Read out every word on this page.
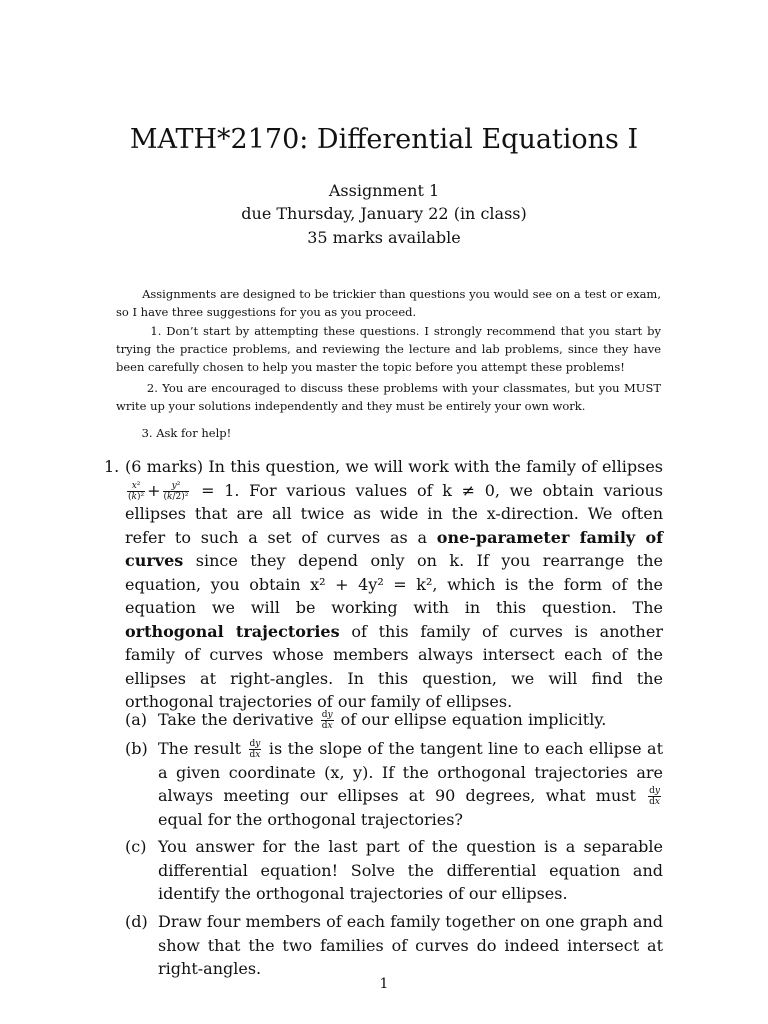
MATH*2170: Differential Equations I
Assignment 1
due Thursday, January 22 (in class)
35 marks available
Assignments are designed to be trickier than questions you would see on a test or exam, so I have three suggestions for you as you proceed.
1. Don’t start by attempting these questions. I strongly recommend that you start by trying the practice problems, and reviewing the lecture and lab problems, since they have been carefully chosen to help you master the topic before you attempt these problems!
2. You are encouraged to discuss these problems with your classmates, but you MUST write up your solutions independently and they must be entirely your own work.
3. Ask for help!
1. (6 marks) In this question, we will work with the family of ellipses
$\frac{\text{x²}}{\text{(k)²}} + \frac{\text{y²}}{\text{(k/2)²}} = 1$. For various values of k ≠ 0, we obtain various ellipses that are all twice as wide in the x-direction. We often refer to such a set of curves as a one-parameter family of curves since they depend only on k. If you rearrange the equation, you obtain x² + 4y² = k², which is the form of the equation we will be working with in this question. The orthogonal trajectories of this family of curves is another family of curves whose members always intersect each of the ellipses at right-angles. In this question, we will find the orthogonal trajectories of our family of ellipses.
(a) Take the derivative $\frac{dy}{dx}$ of our ellipse equation implicitly.
(b) The result $\frac{dy}{dx}$ is the slope of the tangent line to each ellipse at a given coordinate (x, y). If the orthogonal trajectories are always meeting our ellipses at 90 degrees, what must $\frac{dy}{dx}$
equal for the orthogonal trajectories?
(c) You answer for the last part of the question is a separable differential equation! Solve the differential equation and identify the orthogonal trajectories of our ellipses.
(d) Draw four members of each family together on one graph and show that the two families of curves do indeed intersect at right-angles.
1
